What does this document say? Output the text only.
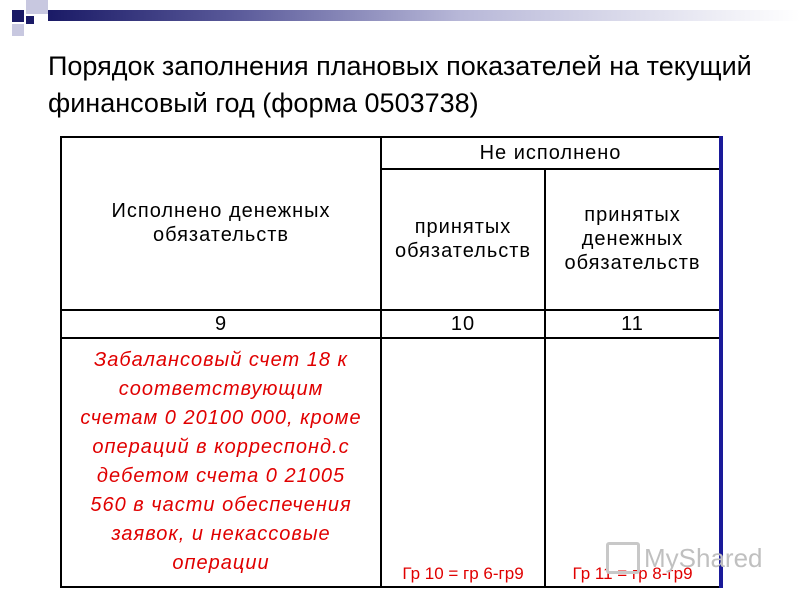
Порядок заполнения плановых показателей на текущий финансовый год (форма 0503738)
Исполнено денежных обязательств	Не исполнено	
	принятых обязательств	принятых денежных обязательств
9	10	11
Забалансовый счет 18 к соответствующим счетам 0 20100 000, кроме операций в корреспонд.с дебетом счета 0 21005 560 в части обеспечения заявок, и некассовые операции	Гр 10 = гр 6-гр9	Гр 11 = гр 8-гр9
MyShared
